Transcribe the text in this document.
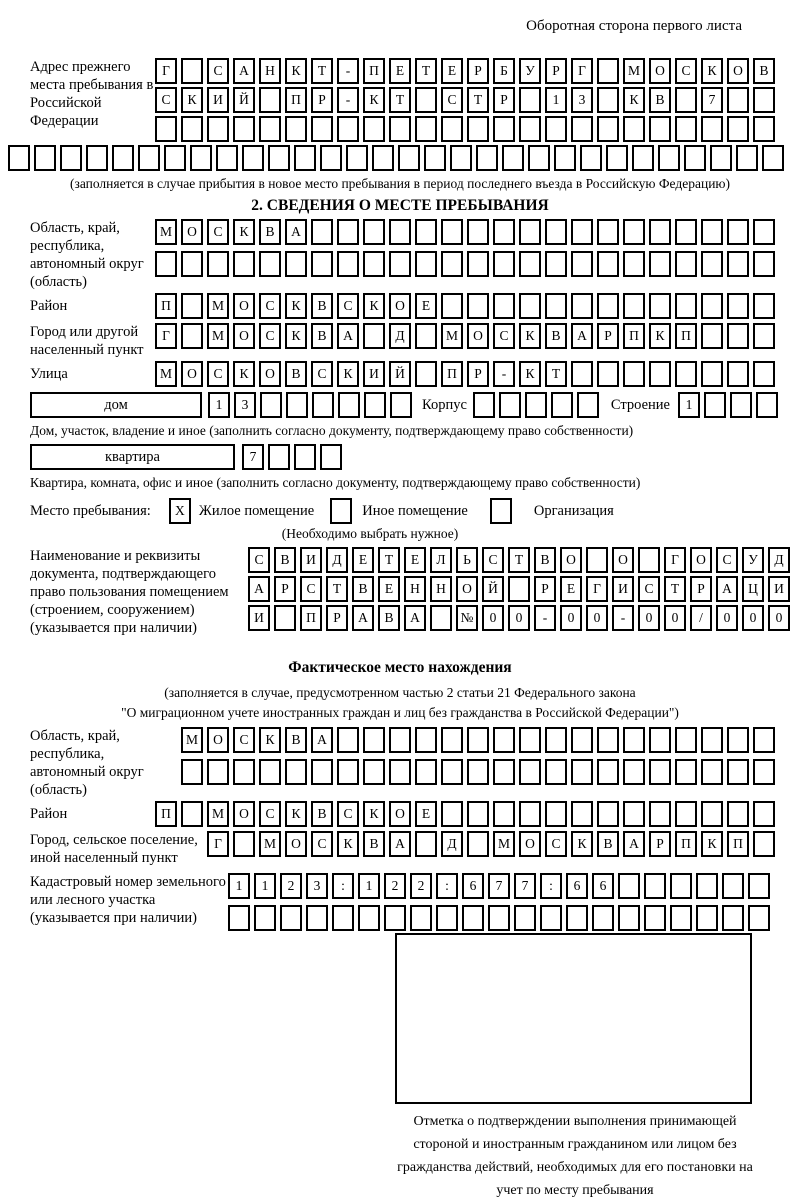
Оборотная сторона первого листа
Адрес прежнего места пребывания в Российской Федерации
Г	С	А	Н	К	Т	-	П	Е	Т	Е	Р	Б	У	Р	Г	М	О	С	К	О	В
С	К	И	Й	П	Р	-	К	Т	С	Т	Р	1	3	К	В	7
(заполняется в случае прибытия в новое место пребывания в период последнего въезда в Российскую Федерацию)
2. СВЕДЕНИЯ О МЕСТЕ ПРЕБЫВАНИЯ
Область, край, республика, автономный округ (область)
М	О	С	К	В	А
Район	П	М	О	С	К	В	С	К	О	Е
Город или другой населенный пункт
Г	М	О	С	К	В	А	Д	М	О	С	К	В	А	Р	П	К	П
Улица	М	О	С	К	О	В	С	К	И	Й	П	Р	-	К	Т
дом	1	3	Корпус	Строение	1
Дом, участок, владение и иное (заполнить согласно документу, подтверждающему право собственности)
квартира	7
Квартира, комната, офис и иное (заполнить согласно документу, подтверждающему право собственности)
Место пребывания:	X Жилое помещение	Иное помещение	Организация
(Необходимо выбрать нужное)
Наименование и реквизиты документа, подтверждающего право пользования помещением (строением, сооружением) (указывается при наличии)
С	В	И	Д	Е	Т	Е	Л	Ь	С	Т	В	О	О	Г	О	С	У	Д
А	Р	С	Т	В	Е	Н	Н	О	Й	Р	Е	Г	И	С	Т	Р	А	Ц	И
И	П	Р	А	В	А	№	0	0	-	0	0	-	0	0	/	0	0	0
Фактическое место нахождения
(заполняется в случае, предусмотренном частью 2 статьи 21 Федерального закона
"О миграционном учете иностранных граждан и лиц без гражданства в Российской Федерации")
Область, край, республика, автономный округ (область)
М	О	С	К	В	А
Район	П	М	О	С	К	В	С	К	О	Е
Город, сельское поселение, иной населенный пункт
Г	М	О	С	К	В	А	Д	М	О	С	К	В	А	Р	П	К	П
Кадастровый номер земельного или лесного участка (указывается при наличии)
1	1	2	3	:	1	2	2	:	6	7	7	:	6	6
Отметка о подтверждении выполнения принимающей стороной и иностранным гражданином или лицом без гражданства действий, необходимых для его постановки на учет по месту пребывания
